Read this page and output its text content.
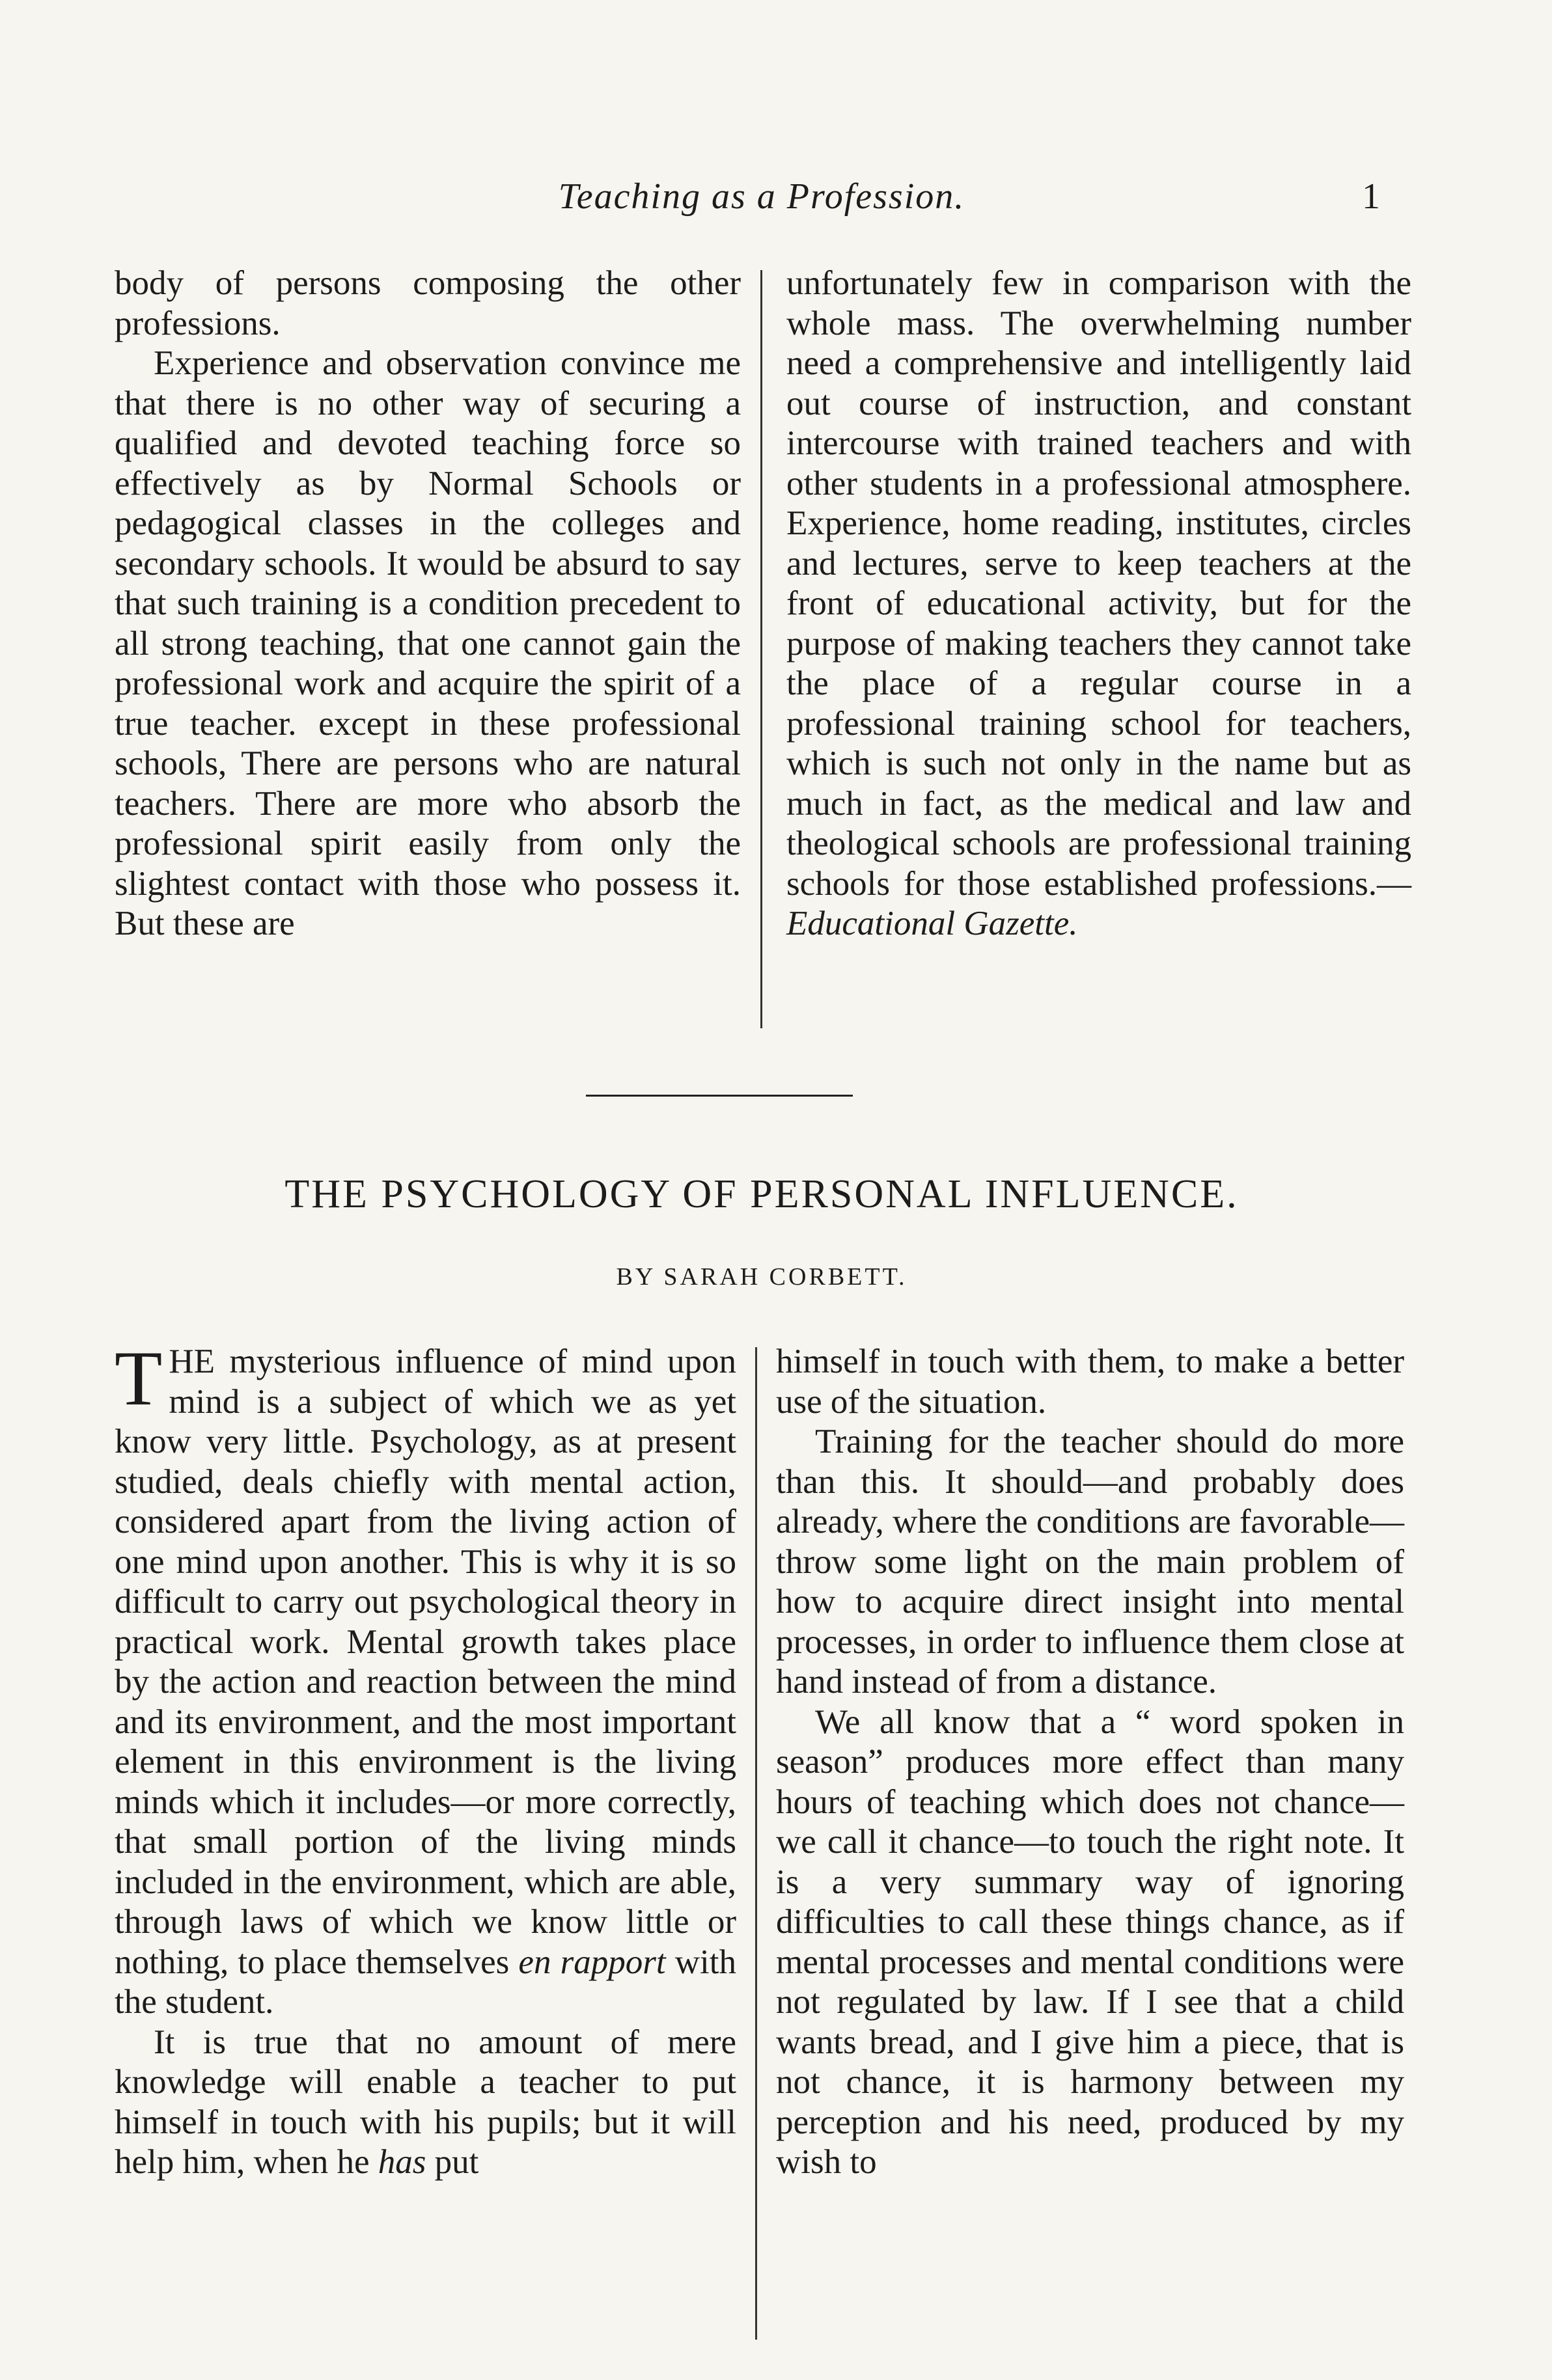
Teaching as a Profession.	1

body of persons composing the other professions.

Experience and observation convince me that there is no other way of securing a qualified and devoted teaching force so effectively as by Normal Schools or pedagogical classes in the colleges and secondary schools. It would be absurd to say that such training is a condition precedent to all strong teaching, that one cannot gain the professional work and acquire the spirit of a true teacher. except in these professional schools, There are persons who are natural teachers. There are more who absorb the professional spirit easily from only the slightest contact with those who possess it. But these are

unfortunately few in comparison with the whole mass. The overwhelming number need a comprehensive and intelligently laid out course of instruction, and constant intercourse with trained teachers and with other students in a professional atmosphere. Experience, home reading, institutes, circles and lectures, serve to keep teachers at the front of educational activity, but for the purpose of making teachers they cannot take the place of a regular course in a professional training school for teachers, which is such not only in the name but as much in fact, as the medical and law and theological schools are professional training schools for those established professions.—Educational Gazette.

THE PSYCHOLOGY OF PERSONAL INFLUENCE.
BY SARAH CORBETT.

THE mysterious influence of mind upon mind is a subject of which we as yet know very little. Psychology, as at present studied, deals chiefly with mental action, considered apart from the living action of one mind upon another. This is why it is so difficult to carry out psychological theory in practical work. Mental growth takes place by the action and reaction between the mind and its environment, and the most important element in this environment is the living minds which it includes—or more correctly, that small portion of the living minds included in the environment, which are able, through laws of which we know little or nothing, to place themselves en rapport with the student.

It is true that no amount of mere knowledge will enable a teacher to put himself in touch with his pupils; but it will help him, when he has put

himself in touch with them, to make a better use of the situation.

Training for the teacher should do more than this. It should—and probably does already, where the conditions are favorable—throw some light on the main problem of how to acquire direct insight into mental processes, in order to influence them close at hand instead of from a distance.

We all know that a “ word spoken in season” produces more effect than many hours of teaching which does not chance—we call it chance—to touch the right note. It is a very summary way of ignoring difficulties to call these things chance, as if mental processes and mental conditions were not regulated by law. If I see that a child wants bread, and I give him a piece, that is not chance, it is harmony between my perception and his need, produced by my wish to
